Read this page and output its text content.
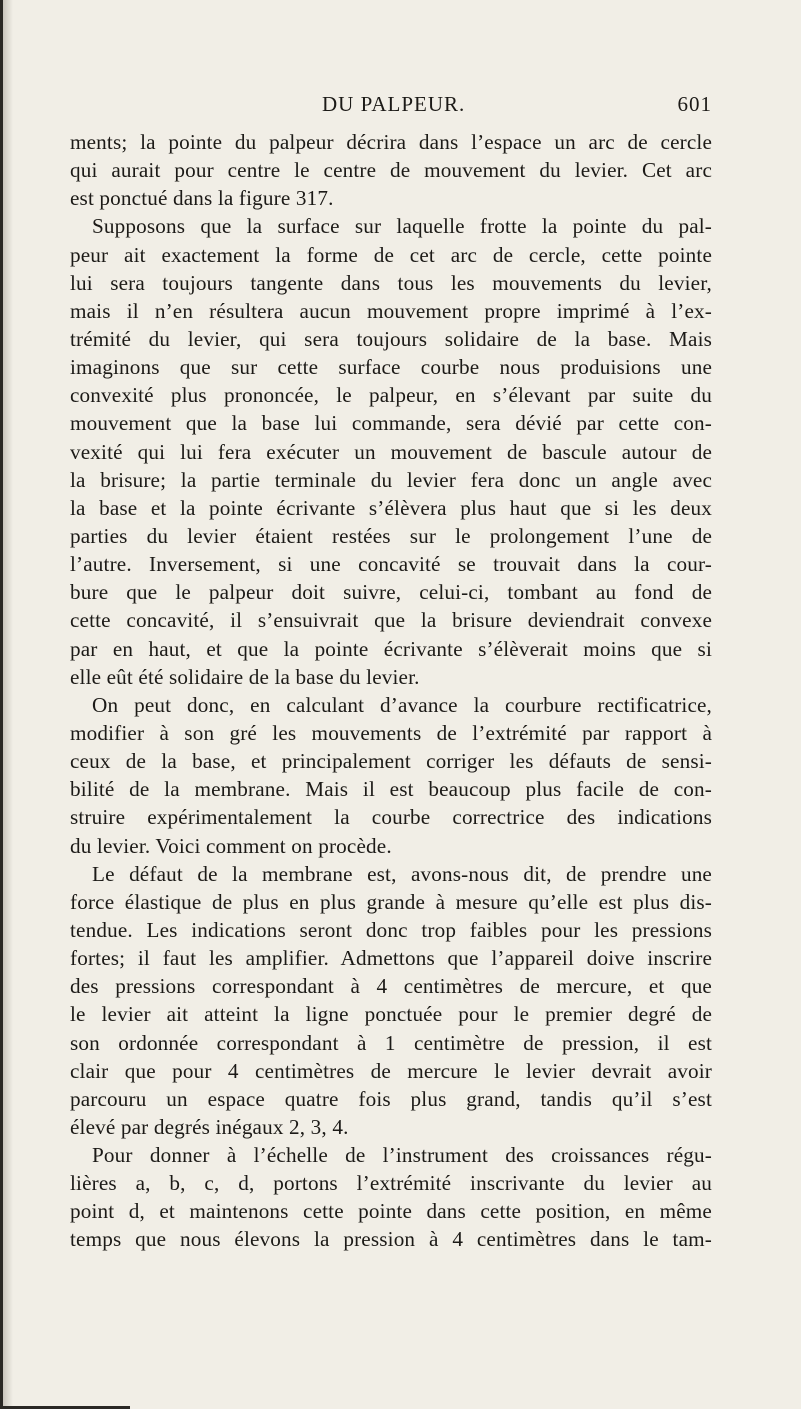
DU PALPEUR.	601
ments; la pointe du palpeur décrira dans l’espace un arc de cercle
qui aurait pour centre le centre de mouvement du levier. Cet arc
est ponctué dans la figure 317.
Supposons que la surface sur laquelle frotte la pointe du pal-
peur ait exactement la forme de cet arc de cercle, cette pointe
lui sera toujours tangente dans tous les mouvements du levier,
mais il n’en résultera aucun mouvement propre imprimé à l’ex-
trémité du levier, qui sera toujours solidaire de la base. Mais
imaginons que sur cette surface courbe nous produisions une
convexité plus prononcée, le palpeur, en s’élevant par suite du
mouvement que la base lui commande, sera dévié par cette con-
vexité qui lui fera exécuter un mouvement de bascule autour de
la brisure; la partie terminale du levier fera donc un angle avec
la base et la pointe écrivante s’élèvera plus haut que si les deux
parties du levier étaient restées sur le prolongement l’une de
l’autre. Inversement, si une concavité se trouvait dans la cour-
bure que le palpeur doit suivre, celui-ci, tombant au fond de
cette concavité, il s’ensuivrait que la brisure deviendrait convexe
par en haut, et que la pointe écrivante s’élèverait moins que si
elle eût été solidaire de la base du levier.
On peut donc, en calculant d’avance la courbure rectificatrice,
modifier à son gré les mouvements de l’extrémité par rapport à
ceux de la base, et principalement corriger les défauts de sensi-
bilité de la membrane. Mais il est beaucoup plus facile de con-
struire expérimentalement la courbe correctrice des indications
du levier. Voici comment on procède.
Le défaut de la membrane est, avons-nous dit, de prendre une
force élastique de plus en plus grande à mesure qu’elle est plus dis-
tendue. Les indications seront donc trop faibles pour les pressions
fortes; il faut les amplifier. Admettons que l’appareil doive inscrire
des pressions correspondant à 4 centimètres de mercure, et que
le levier ait atteint la ligne ponctuée pour le premier degré de
son ordonnée correspondant à 1 centimètre de pression, il est
clair que pour 4 centimètres de mercure le levier devrait avoir
parcouru un espace quatre fois plus grand, tandis qu’il s’est
élevé par degrés inégaux 2, 3, 4.
Pour donner à l’échelle de l’instrument des croissances régu-
lières a, b, c, d, portons l’extrémité inscrivante du levier au
point d, et maintenons cette pointe dans cette position, en même
temps que nous élevons la pression à 4 centimètres dans le tam-
